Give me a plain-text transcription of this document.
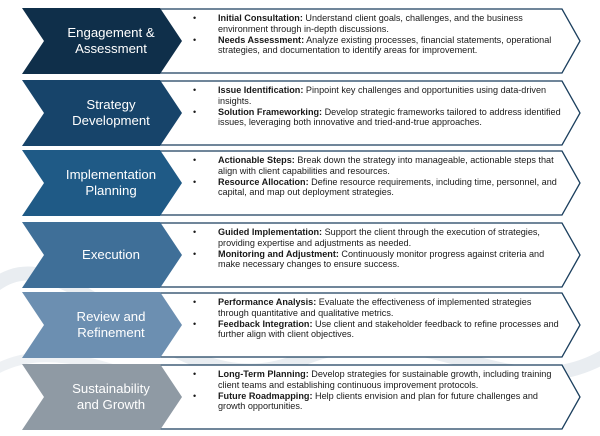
Engagement &
Assessment
• Initial Consultation: Understand client goals, challenges, and the business environment through in-depth discussions.
• Needs Assessment: Analyze existing processes, financial statements, operational strategies, and documentation to identify areas for improvement.
Strategy
Development
• Issue Identification: Pinpoint key challenges and opportunities using data-driven insights.
• Solution Frameworking: Develop strategic frameworks tailored to address identified issues, leveraging both innovative and tried-and-true approaches.
Implementation
Planning
• Actionable Steps: Break down the strategy into manageable, actionable steps that align with client capabilities and resources.
• Resource Allocation: Define resource requirements, including time, personnel, and capital, and map out deployment strategies.
Execution
• Guided Implementation: Support the client through the execution of strategies, providing expertise and adjustments as needed.
• Monitoring and Adjustment: Continuously monitor progress against criteria and make necessary changes to ensure success.
Review and
Refinement
• Performance Analysis: Evaluate the effectiveness of implemented strategies through quantitative and qualitative metrics.
• Feedback Integration: Use client and stakeholder feedback to refine processes and further align with client objectives.
Sustainability
and Growth
• Long-Term Planning: Develop strategies for sustainable growth, including training client teams and establishing continuous improvement protocols.
• Future Roadmapping: Help clients envision and plan for future challenges and growth opportunities.
